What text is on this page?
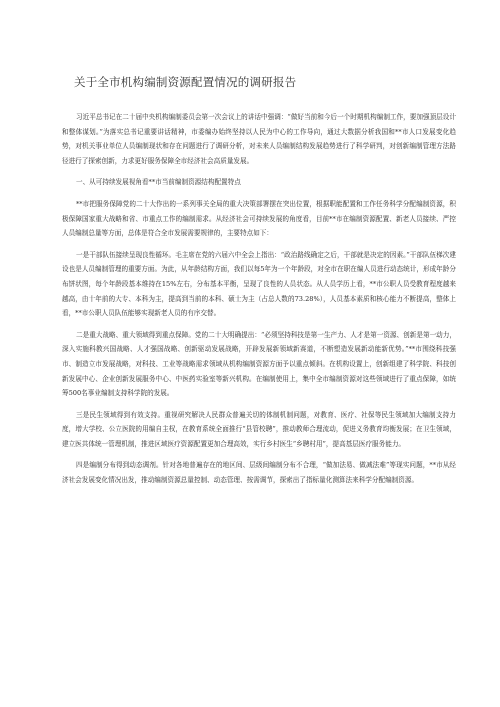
关于全市机构编制资源配置情况的调研报告

习近平总书记在二十届中央机构编制委员会第一次会议上的讲话中强调：“做好当前和今后一个时期机构编制工作，要加强顶层设计和整体谋划。”为落实总书记重要讲话精神，市委编办始终坚持以人民为中心的工作导向，通过大数据分析我国和**市人口发展变化趋势，对机关事业单位人员编制现状和存在问题进行了调研分析，对未来人员编制结构发展趋势进行了科学研判，对创新编制管理方法路径进行了探索创新，力求更好服务保障全市经济社会高质量发展。

一、从可持续发展视角看**市当前编制资源结构配置特点

**市把服务保障党的二十大作出的一系列事关全局的重大决策部署摆在突出位置，根据职能配置和工作任务科学分配编制资源，积极保障国家重大战略和省、市重点工作的编制需求。从经济社会可持续发展的角度看，目前**市在编制资源配置、新老人员接续、严控人员编制总量等方面，总体是符合全市发展需要规律的，主要特点如下：

一是干部队伍接续呈现良性循环。毛主席在党的六届六中全会上指出：“政治路线确定之后，干部就是决定的因素。”干部队伍梯次建设也是人员编制管理的重要方面。为此，从年龄结构方面，我们以每5年为一个年龄段，对全市在职在编人员进行动态统计，形成年龄分布饼状图，每个年龄段基本维持在15%左右，分布基本平衡，呈现了良性的人员状态。从人员学历上看，**市公职人员受教育程度越来越高，由十年前的大专、本科为主，提高到当前的本科、硕士为主（占总人数的73.28%），人员基本素质和核心能力不断提高，整体上看，**市公职人员队伍能够实现新老人员的有序交替。

二是重大战略、重大领域得到重点保障。党的二十大明确提出：“必须坚持科技是第一生产力、人才是第一资源、创新是第一动力，深入实施科教兴国战略、人才强国战略、创新驱动发展战略，开辟发展新领域新赛道，不断塑造发展新动能新优势。”**市围绕科技强市、制造立市发展战略，对科技、工业等战略需求领域从机构编制资源方面予以重点倾斜。在机构设置上，创新组建了科学院、科技创新发展中心、企业创新发展服务中心、中医药实验室等新兴机构。在编制使用上，集中全市编制资源对这些领域进行了重点保障，如统筹500名事业编制支持科学院的发展。

三是民生领域得到有效支持。重视研究解决人民群众普遍关切的体制机制问题，对教育、医疗、社保等民生领域加大编制支持力度，增大学校、公立医院的用编自主权，在教育系统全面推行“县管校聘”，推动教师合理流动，促进义务教育均衡发展；在卫生领域，建立医共体统一管理机制，推进区域医疗资源配置更加合理高效，实行乡村医生“乡聘村用”，提高基层医疗服务能力。

四是编制分布得到动态调剂。针对各地普遍存在的地区间、层级间编制分布不合理，“做加法易、做减法难”等现实问题，**市从经济社会发展变化情况出发，推动编制资源总量控制、动态管理、按需调节，探索出了指标量化测算法来科学分配编制资源。
